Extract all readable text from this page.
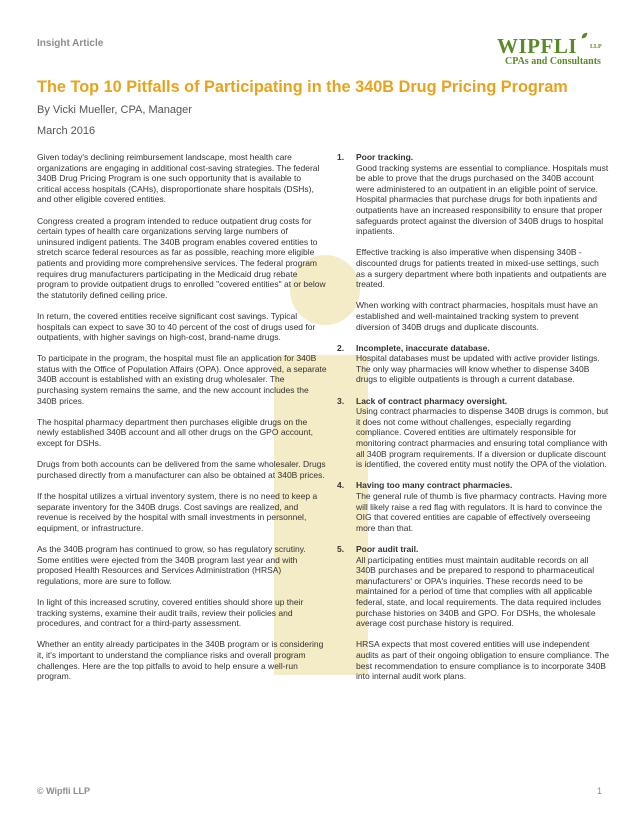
Insight Article	WIPFLI LLP
CPAs and Consultants
The Top 10 Pitfalls of Participating in the 340B Drug Pricing Program
By Vicki Mueller, CPA, Manager
March 2016

Given today's declining reimbursement landscape, most health care organizations are engaging in additional cost-saving strategies. The federal 340B Drug Pricing Program is one such opportunity that is available to critical access hospitals (CAHs), disproportionate share hospitals (DSHs), and other eligible covered entities.

Congress created a program intended to reduce outpatient drug costs for certain types of health care organizations serving large numbers of uninsured indigent patients. The 340B program enables covered entities to stretch scarce federal resources as far as possible, reaching more eligible patients and providing more comprehensive services. The federal program requires drug manufacturers participating in the Medicaid drug rebate program to provide outpatient drugs to enrolled "covered entities" at or below the statutorily defined ceiling price.

In return, the covered entities receive significant cost savings. Typical hospitals can expect to save 30 to 40 percent of the cost of drugs used for outpatients, with higher savings on high-cost, brand-name drugs.

To participate in the program, the hospital must file an application for 340B status with the Office of Population Affairs (OPA). Once approved, a separate 340B account is established with an existing drug wholesaler. The purchasing system remains the same, and the new account includes the 340B prices.

The hospital pharmacy department then purchases eligible drugs on the newly established 340B account and all other drugs on the GPO account, except for DSHs.

Drugs from both accounts can be delivered from the same wholesaler. Drugs purchased directly from a manufacturer can also be obtained at 340B prices.

If the hospital utilizes a virtual inventory system, there is no need to keep a separate inventory for the 340B drugs. Cost savings are realized, and revenue is received by the hospital with small investments in personnel, equipment, or infrastructure.

As the 340B program has continued to grow, so has regulatory scrutiny. Some entities were ejected from the 340B program last year and with proposed Health Resources and Services Administration (HRSA) regulations, more are sure to follow.

In light of this increased scrutiny, covered entities should shore up their tracking systems, examine their audit trails, review their policies and procedures, and contract for a third-party assessment.

Whether an entity already participates in the 340B program or is considering it, it's important to understand the compliance risks and overall program challenges. Here are the top pitfalls to avoid to help ensure a well-run program.

1. Poor tracking.

Good tracking systems are essential to compliance. Hospitals must be able to prove that the drugs purchased on the 340B account were administered to an outpatient in an eligible point of service. Hospital pharmacies that purchase drugs for both inpatients and outpatients have an increased responsibility to ensure that proper safeguards protect against the diversion of 340B drugs to hospital inpatients.

Effective tracking is also imperative when dispensing 340B - discounted drugs for patients treated in mixed-use settings, such as a surgery department where both inpatients and outpatients are treated.

When working with contract pharmacies, hospitals must have an established and well-maintained tracking system to prevent diversion of 340B drugs and duplicate discounts.

2. Incomplete, inaccurate database.

Hospital databases must be updated with active provider listings. The only way pharmacies will know whether to dispense 340B drugs to eligible outpatients is through a current database.

3. Lack of contract pharmacy oversight.

Using contract pharmacies to dispense 340B drugs is common, but it does not come without challenges, especially regarding compliance. Covered entities are ultimately responsible for monitoring contract pharmacies and ensuring total compliance with all 340B program requirements. If a diversion or duplicate discount is identified, the covered entity must notify the OPA of the violation.

4. Having too many contract pharmacies.

The general rule of thumb is five pharmacy contracts. Having more will likely raise a red flag with regulators. It is hard to convince the OIG that covered entities are capable of effectively overseeing more than that.

5. Poor audit trail.

All participating entities must maintain auditable records on all 340B purchases and be prepared to respond to pharmaceutical manufacturers' or OPA's inquiries. These records need to be maintained for a period of time that complies with all applicable federal, state, and local requirements. The data required includes purchase histories on 340B and GPO. For DSHs, the wholesale average cost purchase history is required.

HRSA expects that most covered entities will use independent audits as part of their ongoing obligation to ensure compliance. The best recommendation to ensure compliance is to incorporate 340B into internal audit work plans.

© Wipfli LLP	1
